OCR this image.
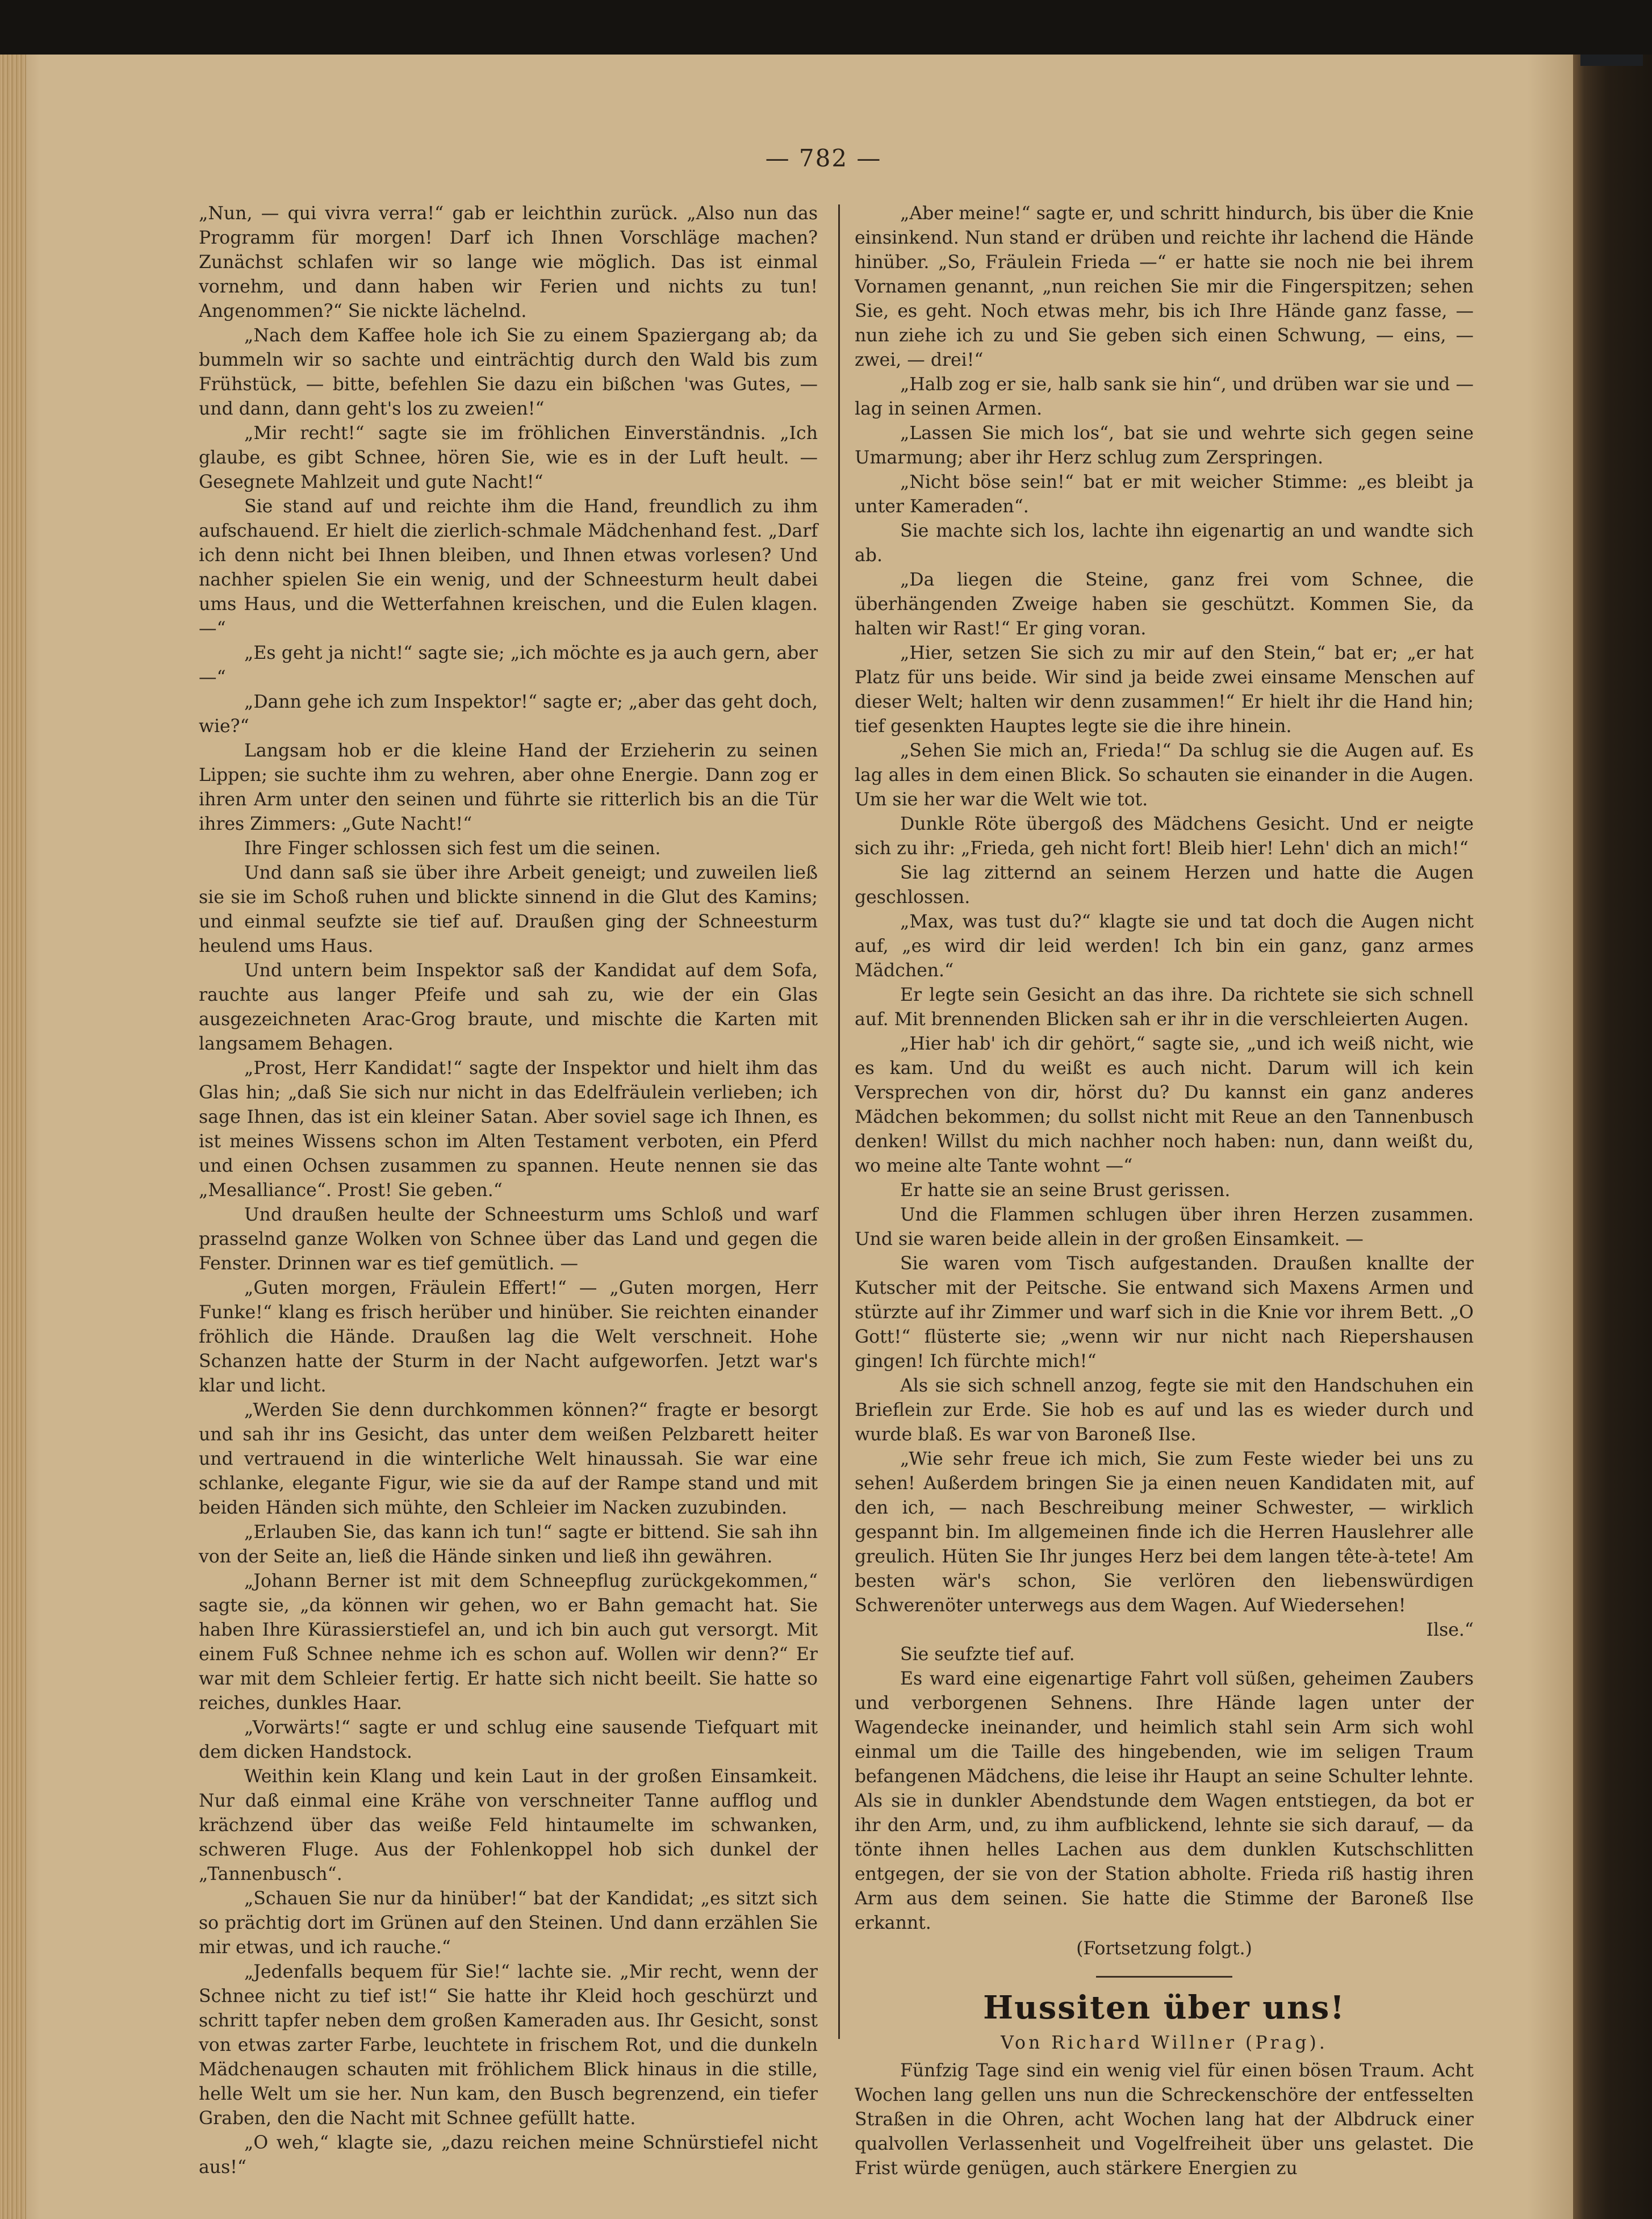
— 782 —

„Nun, — qui vivra verra!“ gab er leichthin zurück. „Also nun das Programm für morgen! Darf ich Ihnen Vorschläge machen? Zunächst schlafen wir so lange wie möglich. Das ist einmal vornehm, und dann haben wir Ferien und nichts zu tun! Angenommen?“ Sie nickte lächelnd.

„Nach dem Kaffee hole ich Sie zu einem Spaziergang ab; da bummeln wir so sachte und einträchtig durch den Wald bis zum Frühstück, — bitte, befehlen Sie dazu ein bißchen 'was Gutes, — und dann, dann geht's los zu zweien!“

„Mir recht!“ sagte sie im fröhlichen Einverständnis. „Ich glaube, es gibt Schnee, hören Sie, wie es in der Luft heult. — Gesegnete Mahlzeit und gute Nacht!“

Sie stand auf und reichte ihm die Hand, freundlich zu ihm aufschauend. Er hielt die zierlich-schmale Mädchenhand fest. „Darf ich denn nicht bei Ihnen bleiben, und Ihnen etwas vorlesen? Und nachher spielen Sie ein wenig, und der Schneesturm heult dabei ums Haus, und die Wetterfahnen kreischen, und die Eulen klagen. —“

„Es geht ja nicht!“ sagte sie; „ich möchte es ja auch gern, aber —“

„Dann gehe ich zum Inspektor!“ sagte er; „aber das geht doch, wie?“

Langsam hob er die kleine Hand der Erzieherin zu seinen Lippen; sie suchte ihm zu wehren, aber ohne Energie. Dann zog er ihren Arm unter den seinen und führte sie ritterlich bis an die Tür ihres Zimmers: „Gute Nacht!“

Ihre Finger schlossen sich fest um die seinen.

Und dann saß sie über ihre Arbeit geneigt; und zuweilen ließ sie sie im Schoß ruhen und blickte sinnend in die Glut des Kamins; und einmal seufzte sie tief auf. Draußen ging der Schneesturm heulend ums Haus.

Und untern beim Inspektor saß der Kandidat auf dem Sofa, rauchte aus langer Pfeife und sah zu, wie der ein Glas ausgezeichneten Arac-Grog braute, und mischte die Karten mit langsamem Behagen.

„Prost, Herr Kandidat!“ sagte der Inspektor und hielt ihm das Glas hin; „daß Sie sich nur nicht in das Edelfräulein verlieben; ich sage Ihnen, das ist ein kleiner Satan. Aber soviel sage ich Ihnen, es ist meines Wissens schon im Alten Testament verboten, ein Pferd und einen Ochsen zusammen zu spannen. Heute nennen sie das „Mesalliance“. Prost! Sie geben.“

Und draußen heulte der Schneesturm ums Schloß und warf prasselnd ganze Wolken von Schnee über das Land und gegen die Fenster. Drinnen war es tief gemütlich. —

„Guten morgen, Fräulein Effert!“ — „Guten morgen, Herr Funke!“ klang es frisch herüber und hinüber. Sie reichten einander fröhlich die Hände. Draußen lag die Welt verschneit. Hohe Schanzen hatte der Sturm in der Nacht aufgeworfen. Jetzt war's klar und licht.

„Werden Sie denn durchkommen können?“ fragte er besorgt und sah ihr ins Gesicht, das unter dem weißen Pelzbarett heiter und vertrauend in die winterliche Welt hinaussah. Sie war eine schlanke, elegante Figur, wie sie da auf der Rampe stand und mit beiden Händen sich mühte, den Schleier im Nacken zuzubinden.

„Erlauben Sie, das kann ich tun!“ sagte er bittend. Sie sah ihn von der Seite an, ließ die Hände sinken und ließ ihn gewähren.

„Johann Berner ist mit dem Schneepflug zurückgekommen,“ sagte sie, „da können wir gehen, wo er Bahn gemacht hat. Sie haben Ihre Kürassierstiefel an, und ich bin auch gut versorgt. Mit einem Fuß Schnee nehme ich es schon auf. Wollen wir denn?“ Er war mit dem Schleier fertig. Er hatte sich nicht beeilt. Sie hatte so reiches, dunkles Haar.

„Vorwärts!“ sagte er und schlug eine sausende Tiefquart mit dem dicken Handstock.

Weithin kein Klang und kein Laut in der großen Einsamkeit. Nur daß einmal eine Krähe von verschneiter Tanne aufflog und krächzend über das weiße Feld hintaumelte im schwanken, schweren Fluge. Aus der Fohlenkoppel hob sich dunkel der „Tannenbusch“.

„Schauen Sie nur da hinüber!“ bat der Kandidat; „es sitzt sich so prächtig dort im Grünen auf den Steinen. Und dann erzählen Sie mir etwas, und ich rauche.“

„Jedenfalls bequem für Sie!“ lachte sie. „Mir recht, wenn der Schnee nicht zu tief ist!“ Sie hatte ihr Kleid hoch geschürzt und schritt tapfer neben dem großen Kameraden aus. Ihr Gesicht, sonst von etwas zarter Farbe, leuchtete in frischem Rot, und die dunkeln Mädchenaugen schauten mit fröhlichem Blick hinaus in die stille, helle Welt um sie her. Nun kam, den Busch begrenzend, ein tiefer Graben, den die Nacht mit Schnee gefüllt hatte.

„O weh,“ klagte sie, „dazu reichen meine Schnürstiefel nicht aus!“

„Aber meine!“ sagte er, und schritt hindurch, bis über die Knie einsinkend. Nun stand er drüben und reichte ihr lachend die Hände hinüber. „So, Fräulein Frieda —“ er hatte sie noch nie bei ihrem Vornamen genannt, „nun reichen Sie mir die Fingerspitzen; sehen Sie, es geht. Noch etwas mehr, bis ich Ihre Hände ganz fasse, — nun ziehe ich zu und Sie geben sich einen Schwung, — eins, — zwei, — drei!“

„Halb zog er sie, halb sank sie hin“, und drüben war sie und — lag in seinen Armen.

„Lassen Sie mich los“, bat sie und wehrte sich gegen seine Umarmung; aber ihr Herz schlug zum Zerspringen.

„Nicht böse sein!“ bat er mit weicher Stimme: „es bleibt ja unter Kameraden“.

Sie machte sich los, lachte ihn eigenartig an und wandte sich ab.

„Da liegen die Steine, ganz frei vom Schnee, die überhängenden Zweige haben sie geschützt. Kommen Sie, da halten wir Rast!“ Er ging voran.

„Hier, setzen Sie sich zu mir auf den Stein,“ bat er; „er hat Platz für uns beide. Wir sind ja beide zwei einsame Menschen auf dieser Welt; halten wir denn zusammen!“ Er hielt ihr die Hand hin; tief gesenkten Hauptes legte sie die ihre hinein.

„Sehen Sie mich an, Frieda!“ Da schlug sie die Augen auf. Es lag alles in dem einen Blick. So schauten sie einander in die Augen. Um sie her war die Welt wie tot.

Dunkle Röte übergoß des Mädchens Gesicht. Und er neigte sich zu ihr: „Frieda, geh nicht fort! Bleib hier! Lehn' dich an mich!“

Sie lag zitternd an seinem Herzen und hatte die Augen geschlossen.

„Max, was tust du?“ klagte sie und tat doch die Augen nicht auf, „es wird dir leid werden! Ich bin ein ganz, ganz armes Mädchen.“

Er legte sein Gesicht an das ihre. Da richtete sie sich schnell auf. Mit brennenden Blicken sah er ihr in die verschleierten Augen.

„Hier hab' ich dir gehört,“ sagte sie, „und ich weiß nicht, wie es kam. Und du weißt es auch nicht. Darum will ich kein Versprechen von dir, hörst du? Du kannst ein ganz anderes Mädchen bekommen; du sollst nicht mit Reue an den Tannenbusch denken! Willst du mich nachher noch haben: nun, dann weißt du, wo meine alte Tante wohnt —“

Er hatte sie an seine Brust gerissen.

Und die Flammen schlugen über ihren Herzen zusammen. Und sie waren beide allein in der großen Einsamkeit. —

Sie waren vom Tisch aufgestanden. Draußen knallte der Kutscher mit der Peitsche. Sie entwand sich Maxens Armen und stürzte auf ihr Zimmer und warf sich in die Knie vor ihrem Bett. „O Gott!“ flüsterte sie; „wenn wir nur nicht nach Riepershausen gingen! Ich fürchte mich!“

Als sie sich schnell anzog, fegte sie mit den Handschuhen ein Brieflein zur Erde. Sie hob es auf und las es wieder durch und wurde blaß. Es war von Baroneß Ilse.

„Wie sehr freue ich mich, Sie zum Feste wieder bei uns zu sehen! Außerdem bringen Sie ja einen neuen Kandidaten mit, auf den ich, — nach Beschreibung meiner Schwester, — wirklich gespannt bin. Im allgemeinen finde ich die Herren Hauslehrer alle greulich. Hüten Sie Ihr junges Herz bei dem langen tête-à-tete! Am besten wär's schon, Sie verlören den liebenswürdigen Schwerenöter unterwegs aus dem Wagen. Auf Wiedersehen!

Ilse.“

Sie seufzte tief auf.

Es ward eine eigenartige Fahrt voll süßen, geheimen Zaubers und verborgenen Sehnens. Ihre Hände lagen unter der Wagendecke ineinander, und heimlich stahl sein Arm sich wohl einmal um die Taille des hingebenden, wie im seligen Traum befangenen Mädchens, die leise ihr Haupt an seine Schulter lehnte. Als sie in dunkler Abendstunde dem Wagen entstiegen, da bot er ihr den Arm, und, zu ihm aufblickend, lehnte sie sich darauf, — da tönte ihnen helles Lachen aus dem dunklen Kutschschlitten entgegen, der sie von der Station abholte. Frieda riß hastig ihren Arm aus dem seinen. Sie hatte die Stimme der Baroneß Ilse erkannt.

(Fortsetzung folgt.)

Hussiten über uns!
Von Richard Willner (Prag).

Fünfzig Tage sind ein wenig viel für einen bösen Traum. Acht Wochen lang gellen uns nun die Schreckenschöre der entfesselten Straßen in die Ohren, acht Wochen lang hat der Albdruck einer qualvollen Verlassenheit und Vogelfreiheit über uns gelastet. Die Frist würde genügen, auch stärkere Energien zu
